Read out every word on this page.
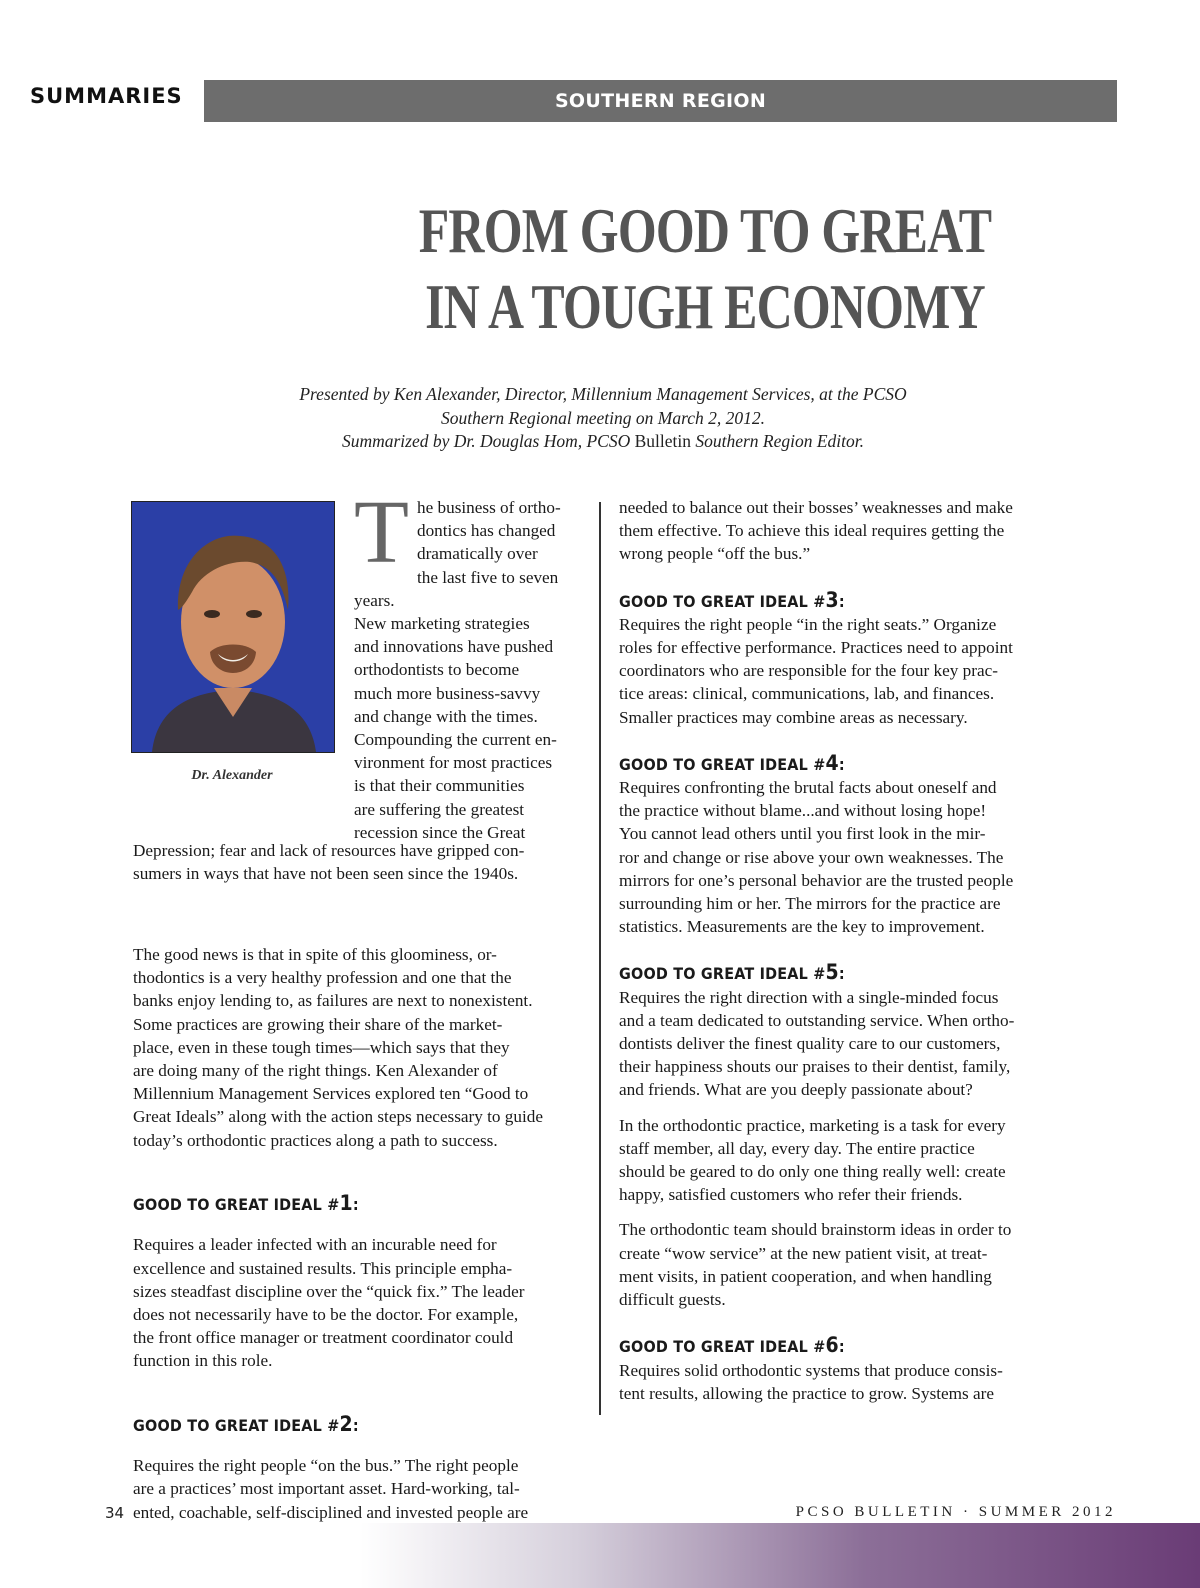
SUMMARIES	SOUTHERN REGION
FROM GOOD TO GREAT
IN A TOUGH ECONOMY
Presented by Ken Alexander, Director, Millennium Management Services, at the PCSO
Southern Regional meeting on March 2, 2012.
Summarized by Dr. Douglas Hom, PCSO Bulletin Southern Region Editor.
Dr. Alexander
T he business of ortho-
dontics has changed
dramatically over
the last five to seven years.
New marketing strategies
and innovations have pushed
orthodontists to become
much more business-savvy
and change with the times.
Compounding the current en-
vironment for most practices
is that their communities
are suffering the greatest
recession since the Great

Depression; fear and lack of resources have gripped con-
sumers in ways that have not been seen since the 1940s.

The good news is that in spite of this gloominess, or-
thodontics is a very healthy profession and one that the
banks enjoy lending to, as failures are next to nonexistent.
Some practices are growing their share of the market-
place, even in these tough times—which says that they
are doing many of the right things. Ken Alexander of
Millennium Management Services explored ten “Good to
Great Ideals” along with the action steps necessary to guide
today’s orthodontic practices along a path to success.

GOOD TO GREAT IDEAL #1:

Requires a leader infected with an incurable need for
excellence and sustained results. This principle empha-
sizes steadfast discipline over the “quick fix.” The leader
does not necessarily have to be the doctor. For example,
the front office manager or treatment coordinator could
function in this role.

GOOD TO GREAT IDEAL #2:

Requires the right people “on the bus.” The right people
are a practices’ most important asset. Hard-working, tal-
ented, coachable, self-disciplined and invested people are

needed to balance out their bosses’ weaknesses and make
them effective. To achieve this ideal requires getting the
wrong people “off the bus.”

GOOD TO GREAT IDEAL #3:

Requires the right people “in the right seats.” Organize
roles for effective performance. Practices need to appoint
coordinators who are responsible for the four key prac-
tice areas: clinical, communications, lab, and finances.
Smaller practices may combine areas as necessary.

GOOD TO GREAT IDEAL #4:

Requires confronting the brutal facts about oneself and
the practice without blame...and without losing hope!
You cannot lead others until you first look in the mir-
ror and change or rise above your own weaknesses. The
mirrors for one’s personal behavior are the trusted people
surrounding him or her. The mirrors for the practice are
statistics. Measurements are the key to improvement.

GOOD TO GREAT IDEAL #5:

Requires the right direction with a single-minded focus
and a team dedicated to outstanding service. When ortho-
dontists deliver the finest quality care to our customers,
their happiness shouts our praises to their dentist, family,
and friends. What are you deeply passionate about?

In the orthodontic practice, marketing is a task for every
staff member, all day, every day. The entire practice
should be geared to do only one thing really well: create
happy, satisfied customers who refer their friends.

The orthodontic team should brainstorm ideas in order to
create “wow service” at the new patient visit, at treat-
ment visits, in patient cooperation, and when handling
difficult guests.

GOOD TO GREAT IDEAL #6:

Requires solid orthodontic systems that produce consis-
tent results, allowing the practice to grow. Systems are

34	PCSO BULLETIN · SUMMER 2012
